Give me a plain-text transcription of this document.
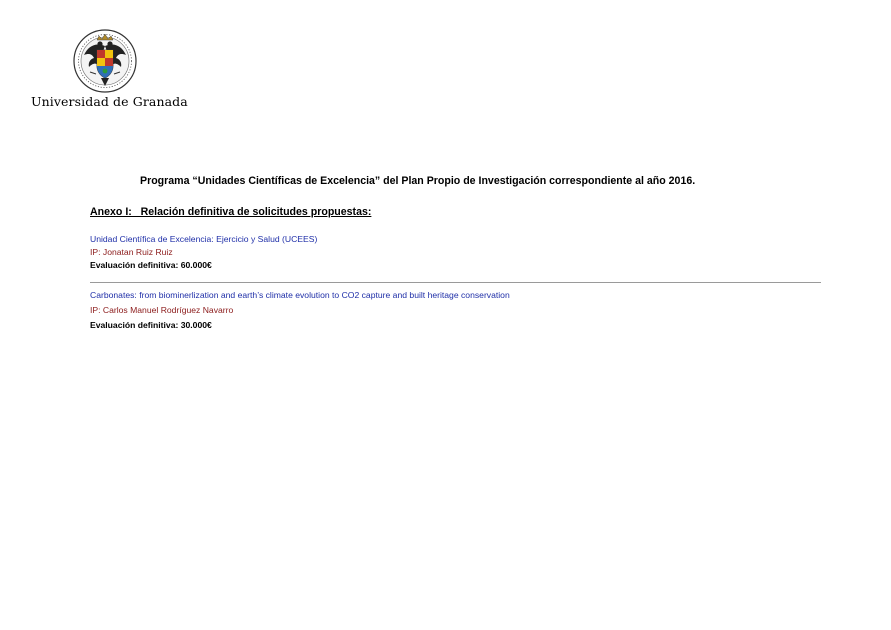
Universidad de Granada
Programa “Unidades Científicas de Excelencia” del Plan Propio de Investigación correspondiente al año 2016.
Anexo I:   Relación definitiva de solicitudes propuestas:
Unidad Científica de Excelencia: Ejercicio y Salud (UCEES)
IP: Jonatan Ruiz Ruiz
Evaluación definitiva: 60.000€
Carbonates: from biominerlization and earth’s climate evolution to CO2 capture and built heritage conservation
IP: Carlos Manuel Rodríguez Navarro
Evaluación definitiva: 30.000€
